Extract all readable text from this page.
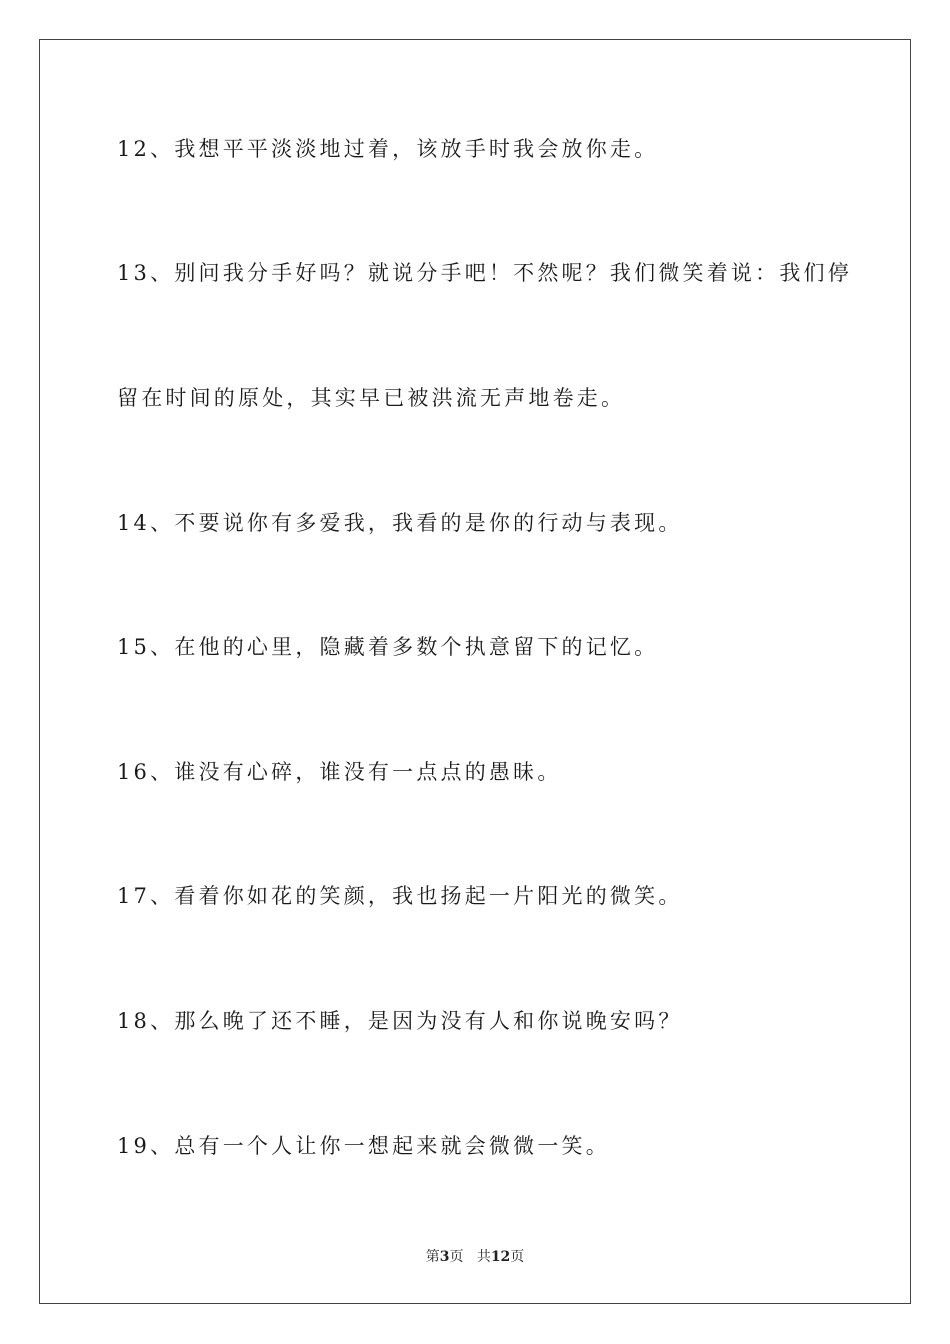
12、我想平平淡淡地过着，该放手时我会放你走。
13、别问我分手好吗？就说分手吧！不然呢？我们微笑着说：我们停
留在时间的原处，其实早已被洪流无声地卷走。
14、不要说你有多爱我，我看的是你的行动与表现。
15、在他的心里，隐藏着多数个执意留下的记忆。
16、谁没有心碎，谁没有一点点的愚昧。
17、看着你如花的笑颜，我也扬起一片阳光的微笑。
18、那么晚了还不睡，是因为没有人和你说晚安吗？
19、总有一个人让你一想起来就会微微一笑。
第3页 共12页
